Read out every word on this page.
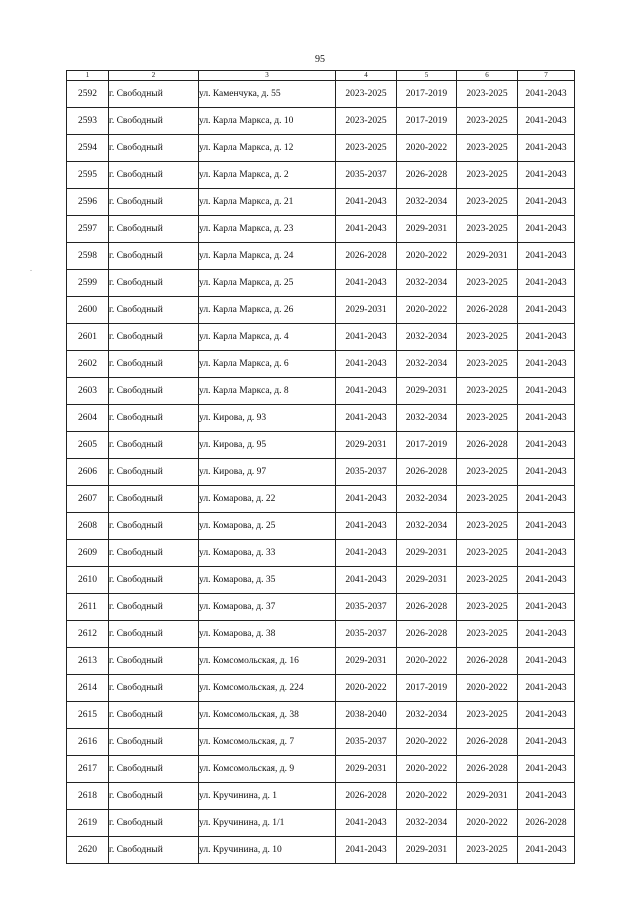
95
1	2	3	4	5	6	7
2592	г. Свободный	ул. Каменчука, д. 55	2023-2025	2017-2019	2023-2025	2041-2043
2593	г. Свободный	ул. Карла Маркса, д. 10	2023-2025	2017-2019	2023-2025	2041-2043
2594	г. Свободный	ул. Карла Маркса, д. 12	2023-2025	2020-2022	2023-2025	2041-2043
2595	г. Свободный	ул. Карла Маркса, д. 2	2035-2037	2026-2028	2023-2025	2041-2043
2596	г. Свободный	ул. Карла Маркса, д. 21	2041-2043	2032-2034	2023-2025	2041-2043
2597	г. Свободный	ул. Карла Маркса, д. 23	2041-2043	2029-2031	2023-2025	2041-2043
2598	г. Свободный	ул. Карла Маркса, д. 24	2026-2028	2020-2022	2029-2031	2041-2043
2599	г. Свободный	ул. Карла Маркса, д. 25	2041-2043	2032-2034	2023-2025	2041-2043
2600	г. Свободный	ул. Карла Маркса, д. 26	2029-2031	2020-2022	2026-2028	2041-2043
2601	г. Свободный	ул. Карла Маркса, д. 4	2041-2043	2032-2034	2023-2025	2041-2043
2602	г. Свободный	ул. Карла Маркса, д. 6	2041-2043	2032-2034	2023-2025	2041-2043
2603	г. Свободный	ул. Карла Маркса, д. 8	2041-2043	2029-2031	2023-2025	2041-2043
2604	г. Свободный	ул. Кирова, д. 93	2041-2043	2032-2034	2023-2025	2041-2043
2605	г. Свободный	ул. Кирова, д. 95	2029-2031	2017-2019	2026-2028	2041-2043
2606	г. Свободный	ул. Кирова, д. 97	2035-2037	2026-2028	2023-2025	2041-2043
2607	г. Свободный	ул. Комарова, д. 22	2041-2043	2032-2034	2023-2025	2041-2043
2608	г. Свободный	ул. Комарова, д. 25	2041-2043	2032-2034	2023-2025	2041-2043
2609	г. Свободный	ул. Комарова, д. 33	2041-2043	2029-2031	2023-2025	2041-2043
2610	г. Свободный	ул. Комарова, д. 35	2041-2043	2029-2031	2023-2025	2041-2043
2611	г. Свободный	ул. Комарова, д. 37	2035-2037	2026-2028	2023-2025	2041-2043
2612	г. Свободный	ул. Комарова, д. 38	2035-2037	2026-2028	2023-2025	2041-2043
2613	г. Свободный	ул. Комсомольская, д. 16	2029-2031	2020-2022	2026-2028	2041-2043
2614	г. Свободный	ул. Комсомольская, д. 224	2020-2022	2017-2019	2020-2022	2041-2043
2615	г. Свободный	ул. Комсомольская, д. 38	2038-2040	2032-2034	2023-2025	2041-2043
2616	г. Свободный	ул. Комсомольская, д. 7	2035-2037	2020-2022	2026-2028	2041-2043
2617	г. Свободный	ул. Комсомольская, д. 9	2029-2031	2020-2022	2026-2028	2041-2043
2618	г. Свободный	ул. Кручинина, д. 1	2026-2028	2020-2022	2029-2031	2041-2043
2619	г. Свободный	ул. Кручинина, д. 1/1	2041-2043	2032-2034	2020-2022	2026-2028
2620	г. Свободный	ул. Кручинина, д. 10	2041-2043	2029-2031	2023-2025	2041-2043
∙
